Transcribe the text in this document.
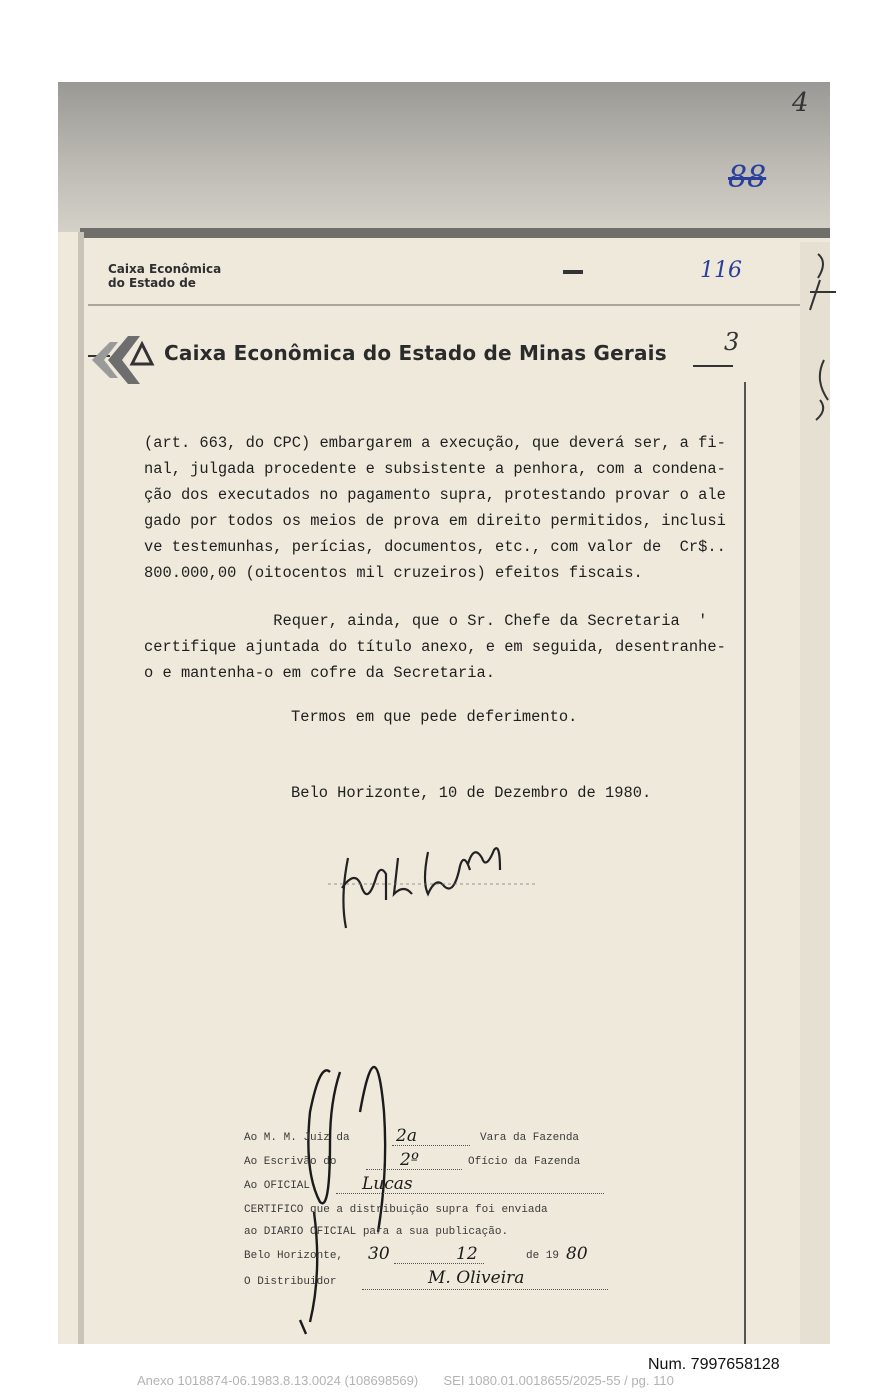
Caixa Econômica
do Estado de
Caixa Econômica do Estado de Minas Gerais
4
88
116
3
(art. 663, do CPC) embargarem a execução, que deverá ser, a fi-
nal, julgada procedente e subsistente a penhora, com a condena-
ção dos executados no pagamento supra, protestando provar o ale
gado por todos os meios de prova em direito permitidos, inclusi
ve testemunhas, perícias, documentos, etc., com valor de  Cr$..
800.000,00 (oitocentos mil cruzeiros) efeitos fiscais.
Requer, ainda, que o Sr. Chefe da Secretaria  '
certifique ajuntada do título anexo, e em seguida, desentranhe-
o e mantenha-o em cofre da Secretaria.
Termos em que pede deferimento.
Belo Horizonte, 10 de Dezembro de 1980.
Ao M. M. Juiz da	2a	Vara da Fazenda
Ao Escrivão do	2º	Ofício da Fazenda
Ao OFICIAL	Lucas
CERTIFICO que a distribuição supra foi enviada
ao DIARIO OFICIAL para a sua publicação.
Belo Horizonte, 30	12	de 19 80
O Distribuidor	M. Oliveira
Num. 7997658128
Anexo 1018874-06.1983.8.13.0024 (108698569)       SEI 1080.01.0018655/2025-55 / pg. 110
